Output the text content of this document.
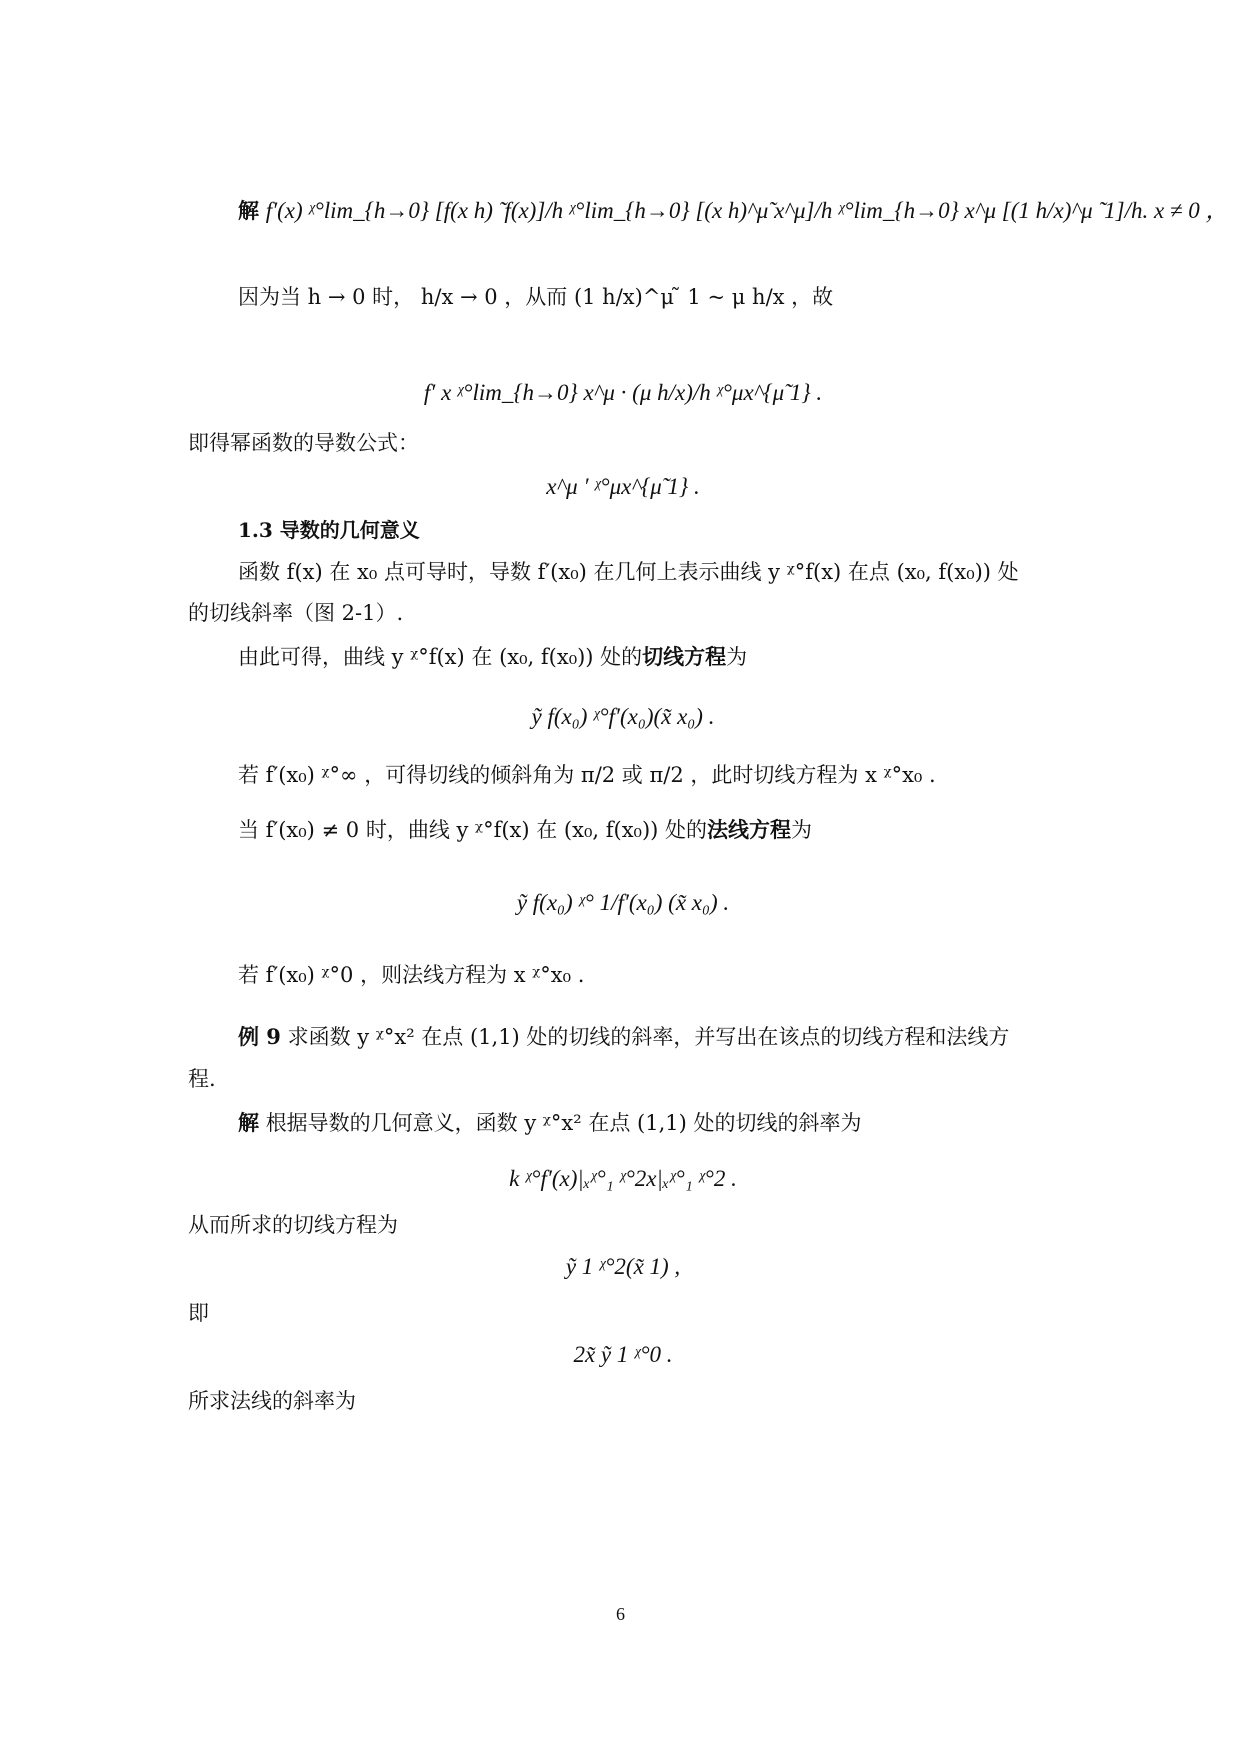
解 f′(x) ᵡ°lim_{h→0} [f(x h) ̃ f(x)]/h ᵡ°lim_{h→0} [(x h)^μ̃ x^μ]/h ᵡ°lim_{h→0} x^μ [(1 h/x)^μ ̃ 1]/h. x ≠ 0 ，
因为当 h → 0 时， h/x → 0 ，从而 (1 h/x)^μ ̃ 1 ~ μ h/x ，故
f′ x ᵡ°lim_{h→0} x^μ · (μ h/x)/h ᵡ°μx^{μ̃ 1} .
即得幂函数的导数公式：
x^μ ′ ᵡ°μx^{μ̃ 1} .
1.3 导数的几何意义
函数 f(x) 在 x₀ 点可导时，导数 f′(x₀) 在几何上表示曲线 y ᵡ°f(x) 在点 (x₀, f(x₀)) 处
的切线斜率（图 2-1）.
由此可得，曲线 y ᵡ°f(x) 在 (x₀, f(x₀)) 处的切线方程为
ỹ f(x₀) ᵡ°f′(x₀)(x̃ x₀) .
若 f′(x₀) ᵡ°∞ ，可得切线的倾斜角为 π/2 或 π/2 ，此时切线方程为 x ᵡ°x₀ .
当 f′(x₀) ≠ 0 时，曲线 y ᵡ°f(x) 在 (x₀, f(x₀)) 处的法线方程为
ỹ f(x₀) ᵡ° 1/f′(x₀) (x̃ x₀) .
若 f′(x₀) ᵡ°0 ，则法线方程为 x ᵡ°x₀ .
例 9 求函数 y ᵡ°x² 在点 (1,1) 处的切线的斜率，并写出在该点的切线方程和法线方
程.
解 根据导数的几何意义，函数 y ᵡ°x² 在点 (1,1) 处的切线的斜率为
k ᵡ°f′(x)|ₓᵡ°₁ ᵡ°2x|ₓᵡ°₁ ᵡ°2 .
从而所求的切线方程为
ỹ 1 ᵡ°2(x̃ 1) ,
即
2x̃ ỹ 1 ᵡ°0 .
所求法线的斜率为
6
